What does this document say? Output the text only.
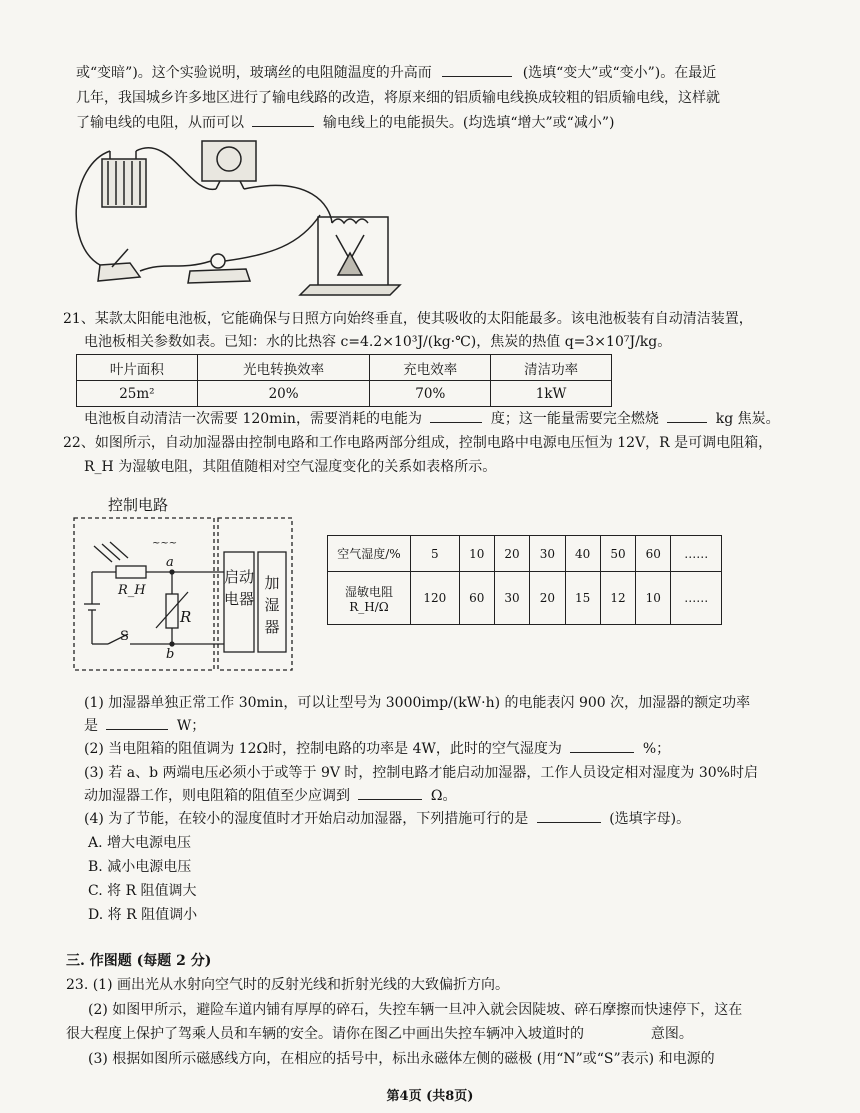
或“变暗”)。这个实验说明，玻璃丝的电阻随温度的升高而	(选填“变大”或“变小”)。在最近
几年，我国城乡许多地区进行了输电线路的改造，将原来细的铝质输电线换成较粗的铝质输电线，这样就
了输电线的电阻，从而可以	输电线上的电能损失。(均选填“增大”或“减小”)
21、某款太阳能电池板，它能确保与日照方向始终垂直，使其吸收的太阳能最多。该电池板装有自动清洁装置，
电池板相关参数如表。已知：水的比热容 c=4.2×10³J/(kg·℃)，焦炭的热值 q=3×10⁷J/kg。
叶片面积	光电转换效率	充电效率	清洁功率
25m²	20%	70%	1kW
电池板自动清洁一次需要 120min，需要消耗的电能为	度；这一能量需要完全燃烧	kg 焦炭。
22、如图所示，自动加湿器由控制电路和工作电路两部分组成，控制电路中电源电压恒为 12V，R 是可调电阻箱，
R_H 为湿敏电阻，其阻值随相对空气湿度变化的关系如表格所示。
控制电路
~~~
R_H
R
a
b
S
启动电器
加湿器
空气湿度/%	5	10	20	30	40	50	60	……

湿敏电阻
R_H/Ω	120	60	30	20	15	12	10	……
(1) 加湿器单独正常工作 30min，可以让型号为 3000imp/(kW·h) 的电能表闪 900 次，加湿器的额定功率
是	W；
(2) 当电阻箱的阻值调为 12Ω时，控制电路的功率是 4W，此时的空气湿度为	%；
(3) 若 a、b 两端电压必须小于或等于 9V 时，控制电路才能启动加湿器，工作人员设定相对湿度为 30%时启
动加湿器工作，则电阻箱的阻值至少应调到	Ω。
(4) 为了节能，在较小的湿度值时才开始启动加湿器，下列措施可行的是	(选填字母)。
A. 增大电源电压
B. 减小电源电压
C. 将 R 阻值调大
D. 将 R 阻值调小
三. 作图题 (每题 2 分)
23. (1) 画出光从水射向空气时的反射光线和折射光线的大致偏折方向。
(2) 如图甲所示，避险车道内铺有厚厚的碎石，失控车辆一旦冲入就会因陡坡、碎石摩擦而快速停下，这在
很大程度上保护了驾乘人员和车辆的安全。请你在图乙中画出失控车辆冲入坡道时的	意图。
(3) 根据如图所示磁感线方向，在相应的括号中，标出永磁体左侧的磁极 (用“N”或“S”表示) 和电源的
第4页 (共8页)
